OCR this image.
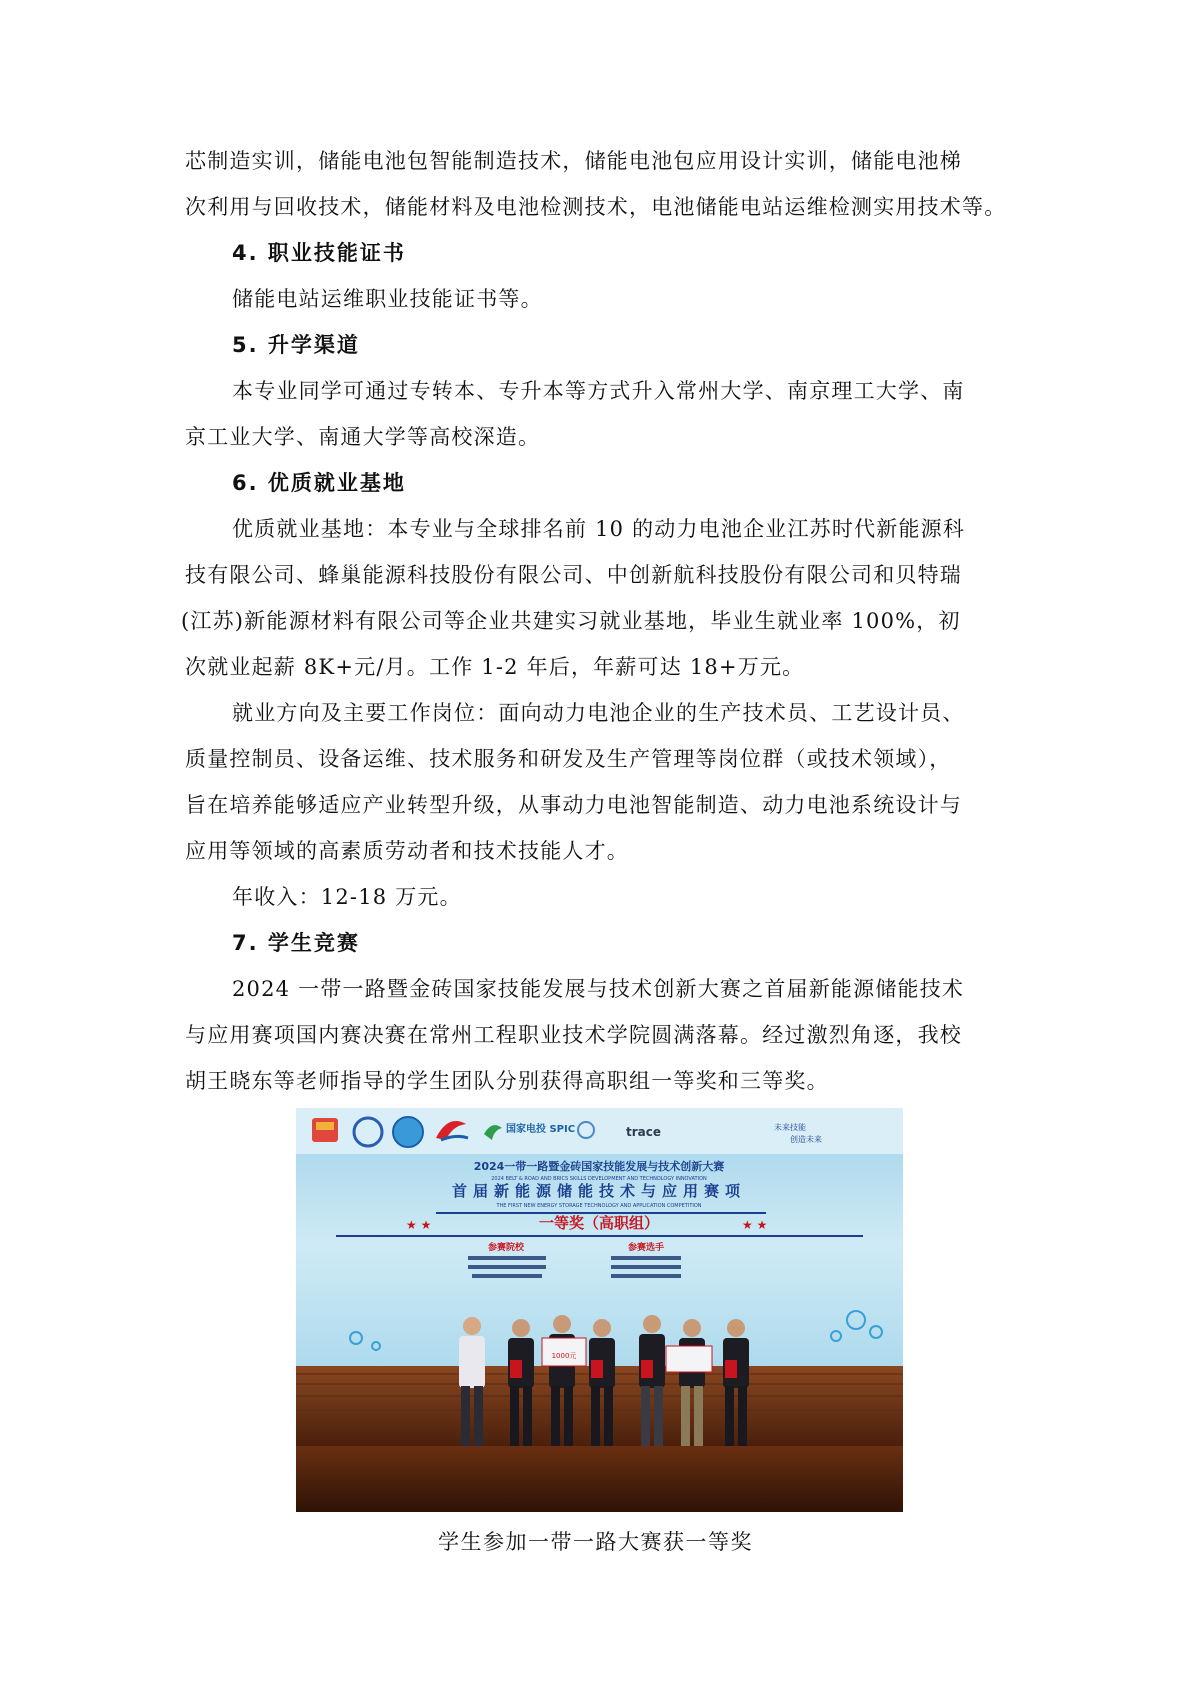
芯制造实训，储能电池包智能制造技术，储能电池包应用设计实训，储能电池梯
次利用与回收技术，储能材料及电池检测技术，电池储能电站运维检测实用技术等。
4. 职业技能证书
储能电站运维职业技能证书等。
5. 升学渠道
本专业同学可通过专转本、专升本等方式升入常州大学、南京理工大学、南
京工业大学、南通大学等高校深造。
6. 优质就业基地
优质就业基地：本专业与全球排名前 10 的动力电池企业江苏时代新能源科
技有限公司、蜂巢能源科技股份有限公司、中创新航科技股份有限公司和贝特瑞
(江苏)新能源材料有限公司等企业共建实习就业基地，毕业生就业率 100%，初
次就业起薪 8K+元/月。工作 1-2 年后，年薪可达 18+万元。
就业方向及主要工作岗位：面向动力电池企业的生产技术员、工艺设计员、
质量控制员、设备运维、技术服务和研发及生产管理等岗位群（或技术领域），
旨在培养能够适应产业转型升级，从事动力电池智能制造、动力电池系统设计与
应用等领域的高素质劳动者和技术技能人才。
年收入：12-18 万元。
7. 学生竞赛
2024 一带一路暨金砖国家技能发展与技术创新大赛之首届新能源储能技术
与应用赛项国内赛决赛在常州工程职业技术学院圆满落幕。经过激烈角逐，我校
胡王晓东等老师指导的学生团队分别获得高职组一等奖和三等奖。
国家电投 SPIC	trace	未来技能
创造未来
2024一带一路暨金砖国家技能发展与技术创新大赛
2024 BELT & ROAD AND BRICS SKILLS DEVELOPMENT AND TECHNOLOGY INNOVATION
首届新能源储能技术与应用赛项
THE FIRST NEW ENERGY STORAGE TECHNOLOGY AND APPLICATION COMPETITION
一等奖（高职组）
★ ★	★ ★
参赛院校	参赛选手
1000元
学生参加一带一路大赛获一等奖
